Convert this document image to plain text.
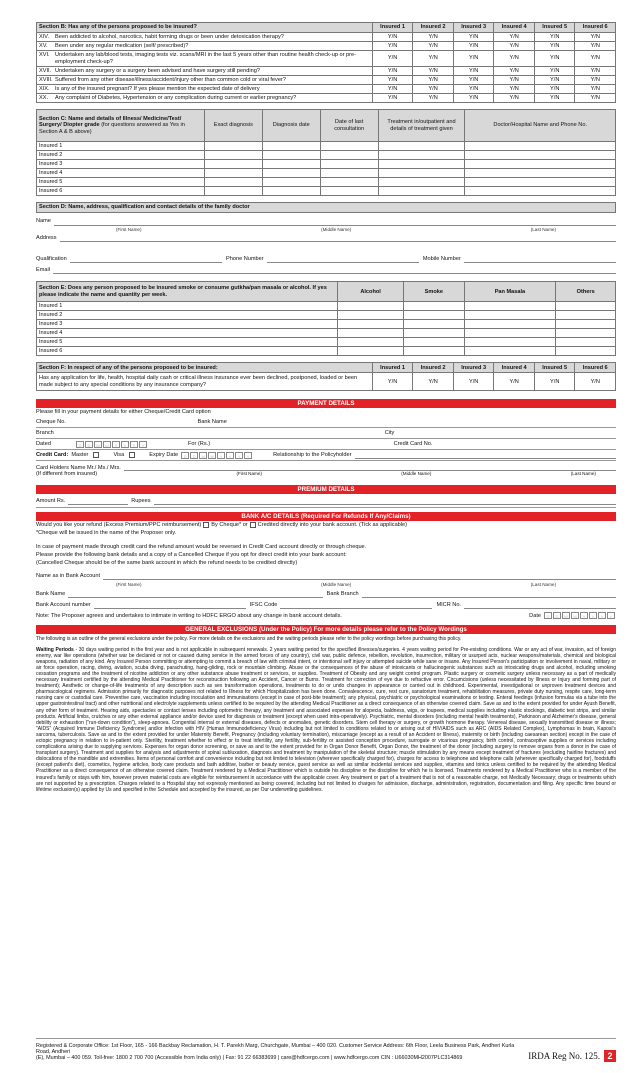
Section B: Has any of the persons proposed to be insured?	Insured 1	Insured 2	Insured 3	Insured 4	Insured 5	Insured 6
XIV. Been addicted to alcohol, narcotics, habit forming drugs or been under detoxication therapy?	Y/N	Y/N	Y/N	Y/N	Y/N	Y/N
XV. Been under any regular medication (self/ prescribed)?	Y/N	Y/N	Y/N	Y/N	Y/N	Y/N
XVI. Undertaken any lab/blood tests, imaging tests viz. scans/MRI in the last 5 years other than routine health check-up or pre-employment check-up?	Y/N	Y/N	Y/N	Y/N	Y/N	Y/N
XVII. Undertaken any surgery or a surgery been advised and have surgery still pending?	Y/N	Y/N	Y/N	Y/N	Y/N	Y/N
XVIII. Suffered from any other disease/illness/accident/injury other than common cold or viral fever?	Y/N	Y/N	Y/N	Y/N	Y/N	Y/N
XIX. Is any of the insured pregnant? If yes please mention the expected date of delivery	Y/N	Y/N	Y/N	Y/N	Y/N	Y/N
XX. Any complaint of Diabetes, Hypertension or any complication during current or earlier pregnancy?	Y/N	Y/N	Y/N	Y/N	Y/N	Y/N
Section C: Name and details of Illness/ Medicine/Test/ Surgery/ Diopter grade (for questions answered as Yes in Section A & B above)	Exact diagnosis	Diagnosis date	Date of last consultation	Treatment in/outpatient and details of treatment given	Doctor/Hospital Name and Phone No.
Insured 1					
Insured 2					
Insured 3					
Insured 4					
Insured 5					
Insured 6					
Section D: Name, address, qualification and contact details of the family doctor
Name
(First Name)	(Middle Name)	(Last Name)
Address
Qualification	Phone Number	Mobile Number
Email
Section E: Does any person proposed to be insured smoke or consume gutkha/pan masala or alcohol. If yes please indicate the name and quantity per week.	Alcohol	Smoke	Pan Masala	Others
Insured 1				
Insured 2				
Insured 3				
Insured 4				
Insured 5				
Insured 6				
Section F: In respect of any of the persons proposed to be insured:	Insured 1	Insured 2	Insured 3	Insured 4	Insured 5	Insured 6
Has any application for life, health, hospital daily cash or critical illness insurance ever been declined, postponed, loaded or been made subject to any special conditions by any insurance company?	Y/N	Y/N	Y/N	Y/N	Y/N	Y/N
PAYMENT DETAILS
Please fill in your payment details for either Cheque/Credit Card option
Cheque No.	Bank Name
Branch	City
Dated	D	D	M	M	Y	Y	Y	Y	For (Rs.)	Credit Card No.
Credit Card: Master	Visa	Expiry Date	D	D	M	M	Y	Y	Y	Y	Relationship to the Policyholder
Card Holders Name Mr./ Ms./ Mrs.
(If different from insured)	(First Name)	(Middle Name)	(Last Name)
PREMIUM DETAILS
Amount Rs.	Rupees
BANK A/C DETAILS (Required For Refunds If Any/Claims)
Would you like your refund (Excess Premium/PPC reimbursement) By Cheque* or Credited directly into your bank account. (Tick as applicable)
*Cheque will be issued in the name of the Proposer only.
In case of payment made through credit card the refund amount would be reversed in Credit Card account directly or through cheque.
Please provide the following bank details and a copy of a Cancelled Cheque if you opt for direct credit into your bank account:
(Cancelled Cheque should be of the same bank account in which the refund needs to be credited directly)
Name as in Bank Account
(First Name)	(Middle Name)	(Last Name)
Bank Name	Bank Branch
Bank Account number	IFSC Code	MICR No.
Note: The Proposer agrees and undertakes to intimate in writing to HDFC ERGO about any change in bank account details.	Date	D	D	M	M	Y	Y	Y	Y
GENERAL EXCLUSIONS (Under the Policy) For more details please refer to the Policy Wordings
The following is an outline of the general exclusions under the policy. For more details on the exclusions and the waiting periods please refer to the policy wordings before purchasing this policy.
Waiting Periods - 30 days waiting period in the first year and is not applicable in subsequent renewals. 2 years waiting period for the specified illnesses/surgeries. 4 years waiting period for Pre-existing conditions. War or any act of war, invasion, act of foreign enemy, war like operations (whether war be declared or not or caused during service in the armed forces of any country), civil war, public defence, rebellion, revolution, insurrection, military or usurped acts, nuclear weapons/materials, chemical and biological weapons, radiation of any kind. Any Insured Person committing or attempting to commit a breach of law with criminal intent, or intentional self injury or attempted suicide while sane or insane. Any Insured Person's participation or involvement in naval, military or air force operation, racing, diving, aviation, scuba diving, parachuting, hang-gliding, rock or mountain climbing. Abuse or the consequences of the abuse of intoxicants or hallucinogenic substances such as intoxicating drugs and alcohol, including smoking cessation programs and the treatment of nicotine addiction or any other substance abuse treatment or services, or supplies. Treatment of Obesity and any weight control program. Plastic surgery or cosmetic surgery unless necessary as a part of medically necessary treatment certified by the attending Medical Practitioner for reconstruction following an Accident, Cancer or Burns. Treatment for correction of eye due to refractive error. Circumcisions (unless necessitated by Illness or Injury and forming part of treatment); Aesthetic or change-of-life treatments of any description such as sex transformation operations, treatments to do or undo changes in appearance or carried out in childhood. Experimental, investigational or unproven treatment devices and pharmacological regimens. Admission primarily for diagnostic purposes not related to Illness for which Hospitalization has been done. Convalescence, cure, rest cure, sanatorium treatment, rehabilitation measures, private duty nursing, respite care, long-term nursing care or custodial care. Preventive care, vaccination including inoculation and immunisations (except in case of post-bite treatment); any physical, psychiatric or psychological examinations or testing. Enteral feedings (infusion formulas via a tube into the upper gastrointestinal tract) and other nutritional and electrolyte supplements unless certified to be required by the attending Medical Practitioner as a direct consequence of an otherwise covered claim. Save as and to the extent provided for under Ayush Benefit, any other form of treatment. Hearing aids, spectacles or contact lenses including optometric therapy, any treatment and associated expenses for alopecia, baldness, wigs, or toupees, medical supplies including elastic stockings, diabetic test strips, and similar products. Artificial limbs, crutches or any other external appliance and/or device used for diagnosis or treatment (except when used intra-operatively). Psychiatric, mental disorders (including mental health treatments), Parkinson and Alzheimer's disease, general debility or exhaustion ("run-down condition"), sleep-apnoea. Congenital internal or external diseases, defects or anomalies, genetic disorders. Stem cell therapy or surgery, or growth hormone therapy. Venereal disease, sexually transmitted disease or illness; "AIDS" (Acquired Immune Deficiency Syndrome) and/or infection with HIV (Human Immunodeficiency Virus) including but not limited to conditions related to or arising out of HIV/AIDS such as ARC (AIDS Related Complex), Lymphomas in brain, Kaposi's sarcoma, tuberculosis. Save as and to the extent provided for under Maternity Benefit, Pregnancy (including voluntary termination), miscarriage (except as a result of an Accident or Illness), maternity or birth (including caesarean section) except in the case of ectopic pregnancy in relation to in-patient only. Sterility, treatment whether to effect or to treat infertility, any fertility, sub-fertility or assisted conception procedure, surrogate or vicarious pregnancy, birth control, contraceptive supplies or services including complications arising due to supplying services. Expenses for organ donor screening, or save as and to the extent provided for in Organ Donor Benefit, Organ Donor, the treatment of the donor (including surgery to remove organs from a donor in the case of transplant surgery). Treatment and supplies for analysis and adjustments of spinal subluxation, diagnosis and treatment by manipulation of the skeletal structure; muscle stimulation by any means except treatment of fractures (excluding hairline fractures) and dislocations of the mandible and extremities. Items of personal comfort and convenience including but not limited to television (wherever specifically charged for), charges for access to telephone and telephone calls (wherever specifically charged for), foodstuffs (except patient's diet), cosmetics, hygiene articles, body care products and bath additive, barber or beauty service, guest service as well as similar incidental services and supplies, vitamins and tonics unless certified to be required by the attending Medical Practitioner as a direct consequence of an otherwise covered claim. Treatment rendered by a Medical Practitioner which is outside his discipline or the discipline for which he is licensed. Treatments rendered by a Medical Practitioner who is a member of the insured's family or stays with him, however proven material costs are eligible for reimbursement in accordance with the applicable cover. Any treatment or part of a treatment that is not of a reasonable charge, not Medically Necessary; drugs or treatments which are not supported by a prescription. Charges related to a Hospital stay not expressly mentioned as being covered, including but not limited to charges for admission, discharge, administration, registration, documentation and filing. Any specific time bound or lifetime exclusion(s) applied by Us and specified in the Schedule and accepted by the insured, as per Our underwriting guidelines.
Registered & Corporate Office: 1st Floor, 165 - 166 Backbay Reclamation, H. T. Parekh Marg, Churchgate, Mumbai – 400 020. Customer Service Address: 6th Floor, Leela Business Park, Andheri Kurla Road, Andheri
(E), Mumbai – 400 059. Toll-free: 1800 2 700 700 (Accessible from India only) | Fax: 91 22 66383699 | care@hdfcergo.com | www.hdfcergo.com CIN : U66030MH2007PLC314869	IRDA Reg No. 125. 2
